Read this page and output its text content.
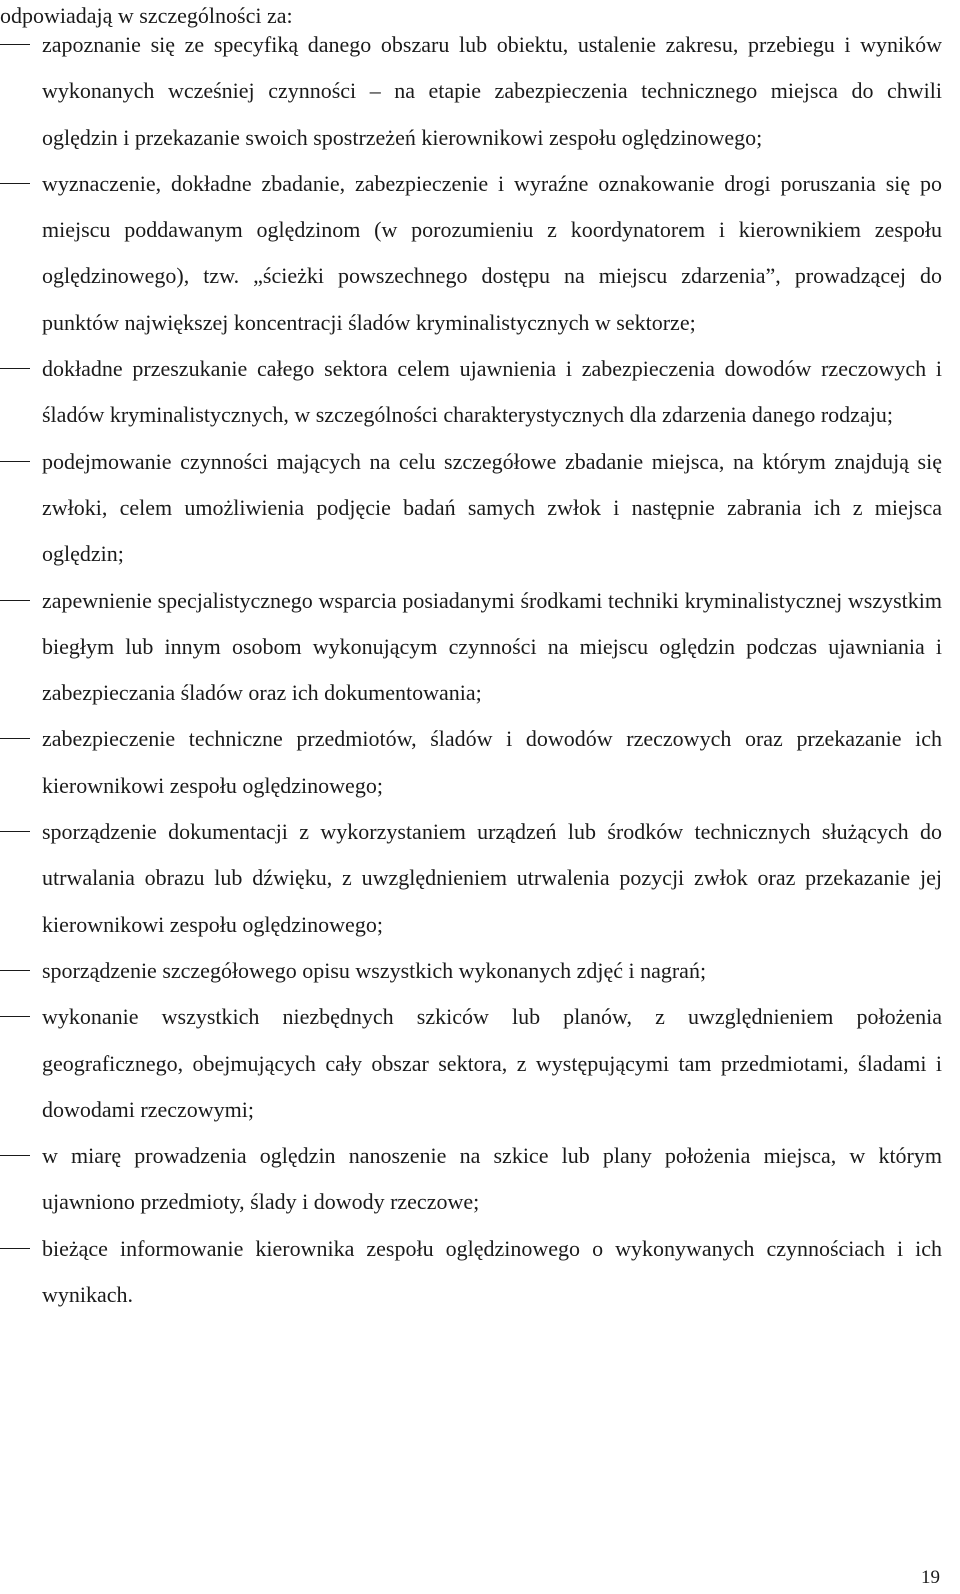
odpowiadają w szczególności za:
zapoznanie się ze specyfiką danego obszaru lub obiektu, ustalenie zakresu, przebiegu i wyników wykonanych wcześniej czynności – na etapie zabezpieczenia technicznego miejsca do chwili oględzin i przekazanie swoich spostrzeżeń kierownikowi zespołu oględzinowego;
wyznaczenie, dokładne zbadanie, zabezpieczenie i wyraźne oznakowanie drogi poruszania się po miejscu poddawanym oględzinom (w porozumieniu z koordynatorem i kierownikiem zespołu oględzinowego), tzw. „ścieżki powszechnego dostępu na miejscu zdarzenia”, prowadzącej do punktów największej koncentracji śladów kryminalistycznych w sektorze;
dokładne przeszukanie całego sektora celem ujawnienia i zabezpieczenia dowodów rzeczowych i śladów kryminalistycznych, w szczególności charakterystycznych dla zdarzenia danego rodzaju;
podejmowanie czynności mających na celu szczegółowe zbadanie miejsca, na którym znajdują się zwłoki, celem umożliwienia podjęcie badań samych zwłok i następnie zabrania ich z miejsca oględzin;
zapewnienie specjalistycznego wsparcia posiadanymi środkami techniki kryminalistycznej wszystkim biegłym lub innym osobom wykonującym czynności na miejscu oględzin podczas ujawniania i zabezpieczania śladów oraz ich dokumentowania;
zabezpieczenie techniczne przedmiotów, śladów i dowodów rzeczowych oraz przekazanie ich kierownikowi zespołu oględzinowego;
sporządzenie dokumentacji z wykorzystaniem urządzeń lub środków technicznych służących do utrwalania obrazu lub dźwięku, z uwzględnieniem utrwalenia pozycji zwłok oraz przekazanie jej kierownikowi zespołu oględzinowego;
sporządzenie szczegółowego opisu wszystkich wykonanych zdjęć i nagrań;
wykonanie wszystkich niezbędnych szkiców lub planów, z uwzględnieniem położenia geograficznego, obejmujących cały obszar sektora, z występującymi tam przedmiotami, śladami i dowodami rzeczowymi;
w miarę prowadzenia oględzin nanoszenie na szkice lub plany położenia miejsca, w którym ujawniono przedmioty, ślady i dowody rzeczowe;
bieżące informowanie kierownika zespołu oględzinowego o wykonywanych czynnościach i ich wynikach.
19
